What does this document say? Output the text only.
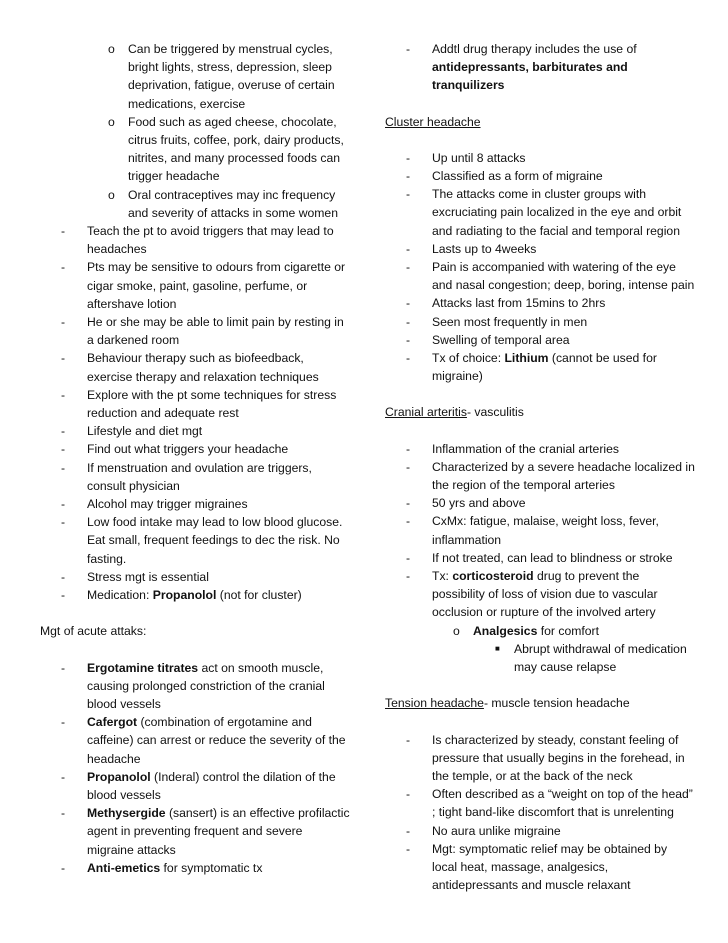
o Can be triggered by menstrual cycles, bright lights, stress, depression, sleep deprivation, fatigue, overuse of certain medications, exercise

o Food such as aged cheese, chocolate, citrus fruits, coffee, pork, dairy products, nitrites, and many processed foods can trigger headache

o Oral contraceptives may inc frequency and severity of attacks in some women

- Teach the pt to avoid triggers that may lead to headaches

- Pts may be sensitive to odours from cigarette or cigar smoke, paint, gasoline, perfume, or aftershave lotion

- He or she may be able to limit pain by resting in a darkened room

- Behaviour therapy such as biofeedback, exercise therapy and relaxation techniques

- Explore with the pt some techniques for stress reduction and adequate rest

- Lifestyle and diet mgt

- Find out what triggers your headache

- If menstruation and ovulation are triggers, consult physician

- Alcohol may trigger migraines

- Low food intake may lead to low blood glucose. Eat small, frequent feedings to dec the risk. No fasting.

- Stress mgt is essential

- Medication: Propanolol (not for cluster)

Mgt of acute attaks:

- Ergotamine titrates act on smooth muscle, causing prolonged constriction of the cranial blood vessels

- Cafergot (combination of ergotamine and caffeine) can arrest or reduce the severity of the headache

- Propanolol (Inderal) control the dilation of the blood vessels

- Methysergide (sansert) is an effective profilactic agent in preventing frequent and severe migraine attacks

- Anti-emetics for symptomatic tx

- Addtl drug therapy includes the use of antidepressants, barbiturates and tranquilizers

Cluster headache

- Up until 8 attacks

- Classified as a form of migraine

- The attacks come in cluster groups with excruciating pain localized in the eye and orbit and radiating to the facial and temporal region

- Lasts up to 4weeks

- Pain is accompanied with watering of the eye and nasal congestion; deep, boring, intense pain

- Attacks last from 15mins to 2hrs

- Seen most frequently in men

- Swelling of temporal area

- Tx of choice: Lithium (cannot be used for migraine)

Cranial arteritis- vasculitis

- Inflammation of the cranial arteries

- Characterized by a severe headache localized in the region of the temporal arteries

- 50 yrs and above

- CxMx: fatigue, malaise, weight loss, fever, inflammation

- If not treated, can lead to blindness or stroke

- Tx: corticosteroid drug to prevent the possibility of loss of vision due to vascular occlusion or rupture of the involved artery

o Analgesics for comfort

■ Abrupt withdrawal of medication may cause relapse

Tension headache- muscle tension headache

- Is characterized by steady, constant feeling of pressure that usually begins in the forehead, in the temple, or at the back of the neck

- Often described as a “weight on top of the head” ; tight band-like discomfort that is unrelenting

- No aura unlike migraine

- Mgt: symptomatic relief may be obtained by local heat, massage, analgesics, antidepressants and muscle relaxant
